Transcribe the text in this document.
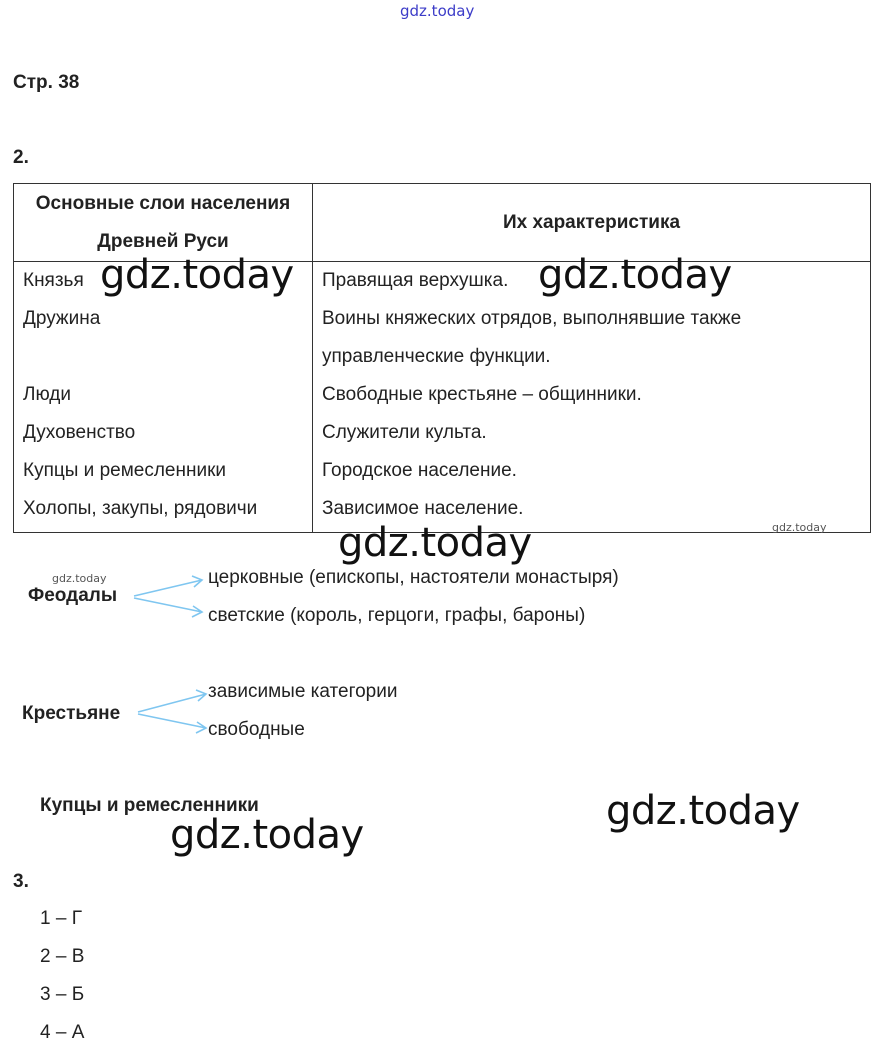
gdz.today
Стр. 38
2.
Основные слои населения Древней Руси	Их характеристика
Князья	Правящая верхушка.
Дружина	Воины княжеских отрядов, выполнявшие также управленческие функции.
Люди	Свободные крестьяне – общинники.
Духовенство	Служители культа.
Купцы и ремесленники	Городское население.
Холопы, закупы, рядовичи	Зависимое население.
Феодалы
церковные (епископы, настоятели монастыря)
светские (король, герцоги, графы, бароны)
Крестьяне
зависимые категории
свободные
Купцы и ремесленники
3.
1 – Г
2 – В
3 – Б
4 – А
gdz.today	gdz.today
gdz.today
gdz.today
gdz.today
gdz.today
gdz.today
